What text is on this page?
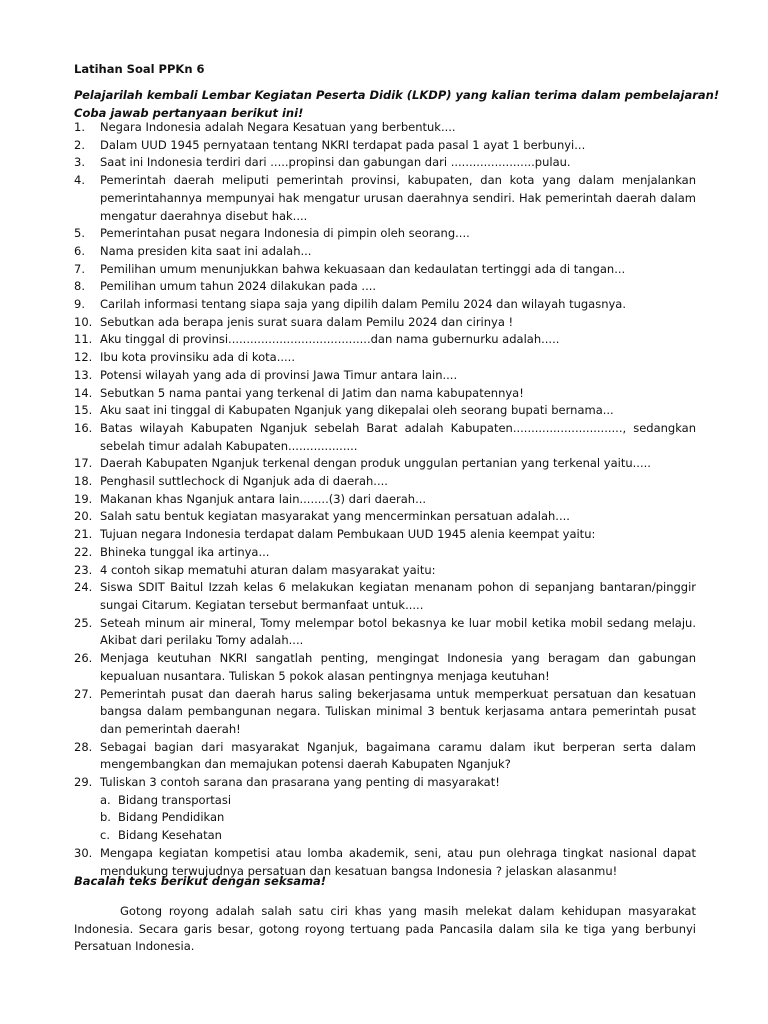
Latihan Soal PPKn 6
Pelajarilah kembali Lembar Kegiatan Peserta Didik (LKDP) yang kalian terima dalam pembelajaran!
Coba jawab pertanyaan berikut ini!
1. Negara Indonesia adalah Negara Kesatuan yang berbentuk....
2. Dalam UUD 1945 pernyataan tentang NKRI terdapat pada pasal 1 ayat 1 berbunyi...
3. Saat ini Indonesia terdiri dari .....propinsi dan gabungan dari .......................pulau.
4. Pemerintah daerah meliputi pemerintah provinsi, kabupaten, dan kota yang dalam menjalankan pemerintahannya mempunyai hak mengatur urusan daerahnya sendiri. Hak pemerintah daerah dalam mengatur daerahnya disebut hak....
5. Pemerintahan pusat negara Indonesia di pimpin oleh seorang....
6. Nama presiden kita saat ini adalah...
7. Pemilihan umum menunjukkan bahwa kekuasaan dan kedaulatan tertinggi ada di tangan...
8. Pemilihan umum tahun 2024 dilakukan pada ....
9. Carilah informasi tentang siapa saja yang dipilih dalam Pemilu 2024 dan wilayah tugasnya.
10. Sebutkan ada berapa jenis surat suara dalam Pemilu 2024 dan cirinya !
11. Aku tinggal di provinsi.......................................dan nama gubernurku adalah.....
12. Ibu kota provinsiku ada di kota.....
13. Potensi wilayah yang ada di provinsi Jawa Timur antara lain....
14. Sebutkan 5 nama pantai yang terkenal di Jatim dan nama kabupatennya!
15. Aku saat ini tinggal di Kabupaten Nganjuk yang dikepalai oleh seorang bupati bernama...
16. Batas wilayah Kabupaten Nganjuk sebelah Barat adalah Kabupaten.............................., sedangkan sebelah timur adalah Kabupaten...................
17. Daerah Kabupaten Nganjuk terkenal dengan produk unggulan pertanian yang terkenal yaitu.....
18. Penghasil suttlechock di Nganjuk ada di daerah....
19. Makanan khas Nganjuk antara lain........(3) dari daerah...
20. Salah satu bentuk kegiatan masyarakat yang mencerminkan persatuan adalah....
21. Tujuan negara Indonesia terdapat dalam Pembukaan UUD 1945 alenia keempat yaitu:
22. Bhineka tunggal ika artinya...
23. 4 contoh sikap mematuhi aturan dalam masyarakat yaitu:
24. Siswa SDIT Baitul Izzah kelas 6 melakukan kegiatan menanam pohon di sepanjang bantaran/pinggir sungai Citarum. Kegiatan tersebut bermanfaat untuk.....
25. Seteah minum air mineral, Tomy melempar botol bekasnya ke luar mobil ketika mobil sedang melaju. Akibat dari perilaku Tomy adalah....
26. Menjaga keutuhan NKRI sangatlah penting, mengingat Indonesia yang beragam dan gabungan kepualuan nusantara. Tuliskan 5 pokok alasan pentingnya menjaga keutuhan!
27. Pemerintah pusat dan daerah harus saling bekerjasama untuk memperkuat persatuan dan kesatuan bangsa dalam pembangunan negara. Tuliskan minimal 3 bentuk kerjasama antara pemerintah pusat dan pemerintah daerah!
28. Sebagai bagian dari masyarakat Nganjuk, bagaimana caramu dalam ikut berperan serta dalam mengembangkan dan memajukan potensi daerah Kabupaten Nganjuk?
29. Tuliskan 3 contoh sarana dan prasarana yang penting di masyarakat!
a. Bidang transportasi
b. Bidang Pendidikan
c. Bidang Kesehatan
30. Mengapa kegiatan kompetisi atau lomba akademik, seni, atau pun olehraga tingkat nasional dapat mendukung terwujudnya persatuan dan kesatuan bangsa Indonesia ? jelaskan alasanmu!
Bacalah teks berikut dengan seksama!

Gotong royong adalah salah satu ciri khas yang masih melekat dalam kehidupan masyarakat Indonesia. Secara garis besar, gotong royong tertuang pada Pancasila dalam sila ke tiga yang berbunyi Persatuan Indonesia.
